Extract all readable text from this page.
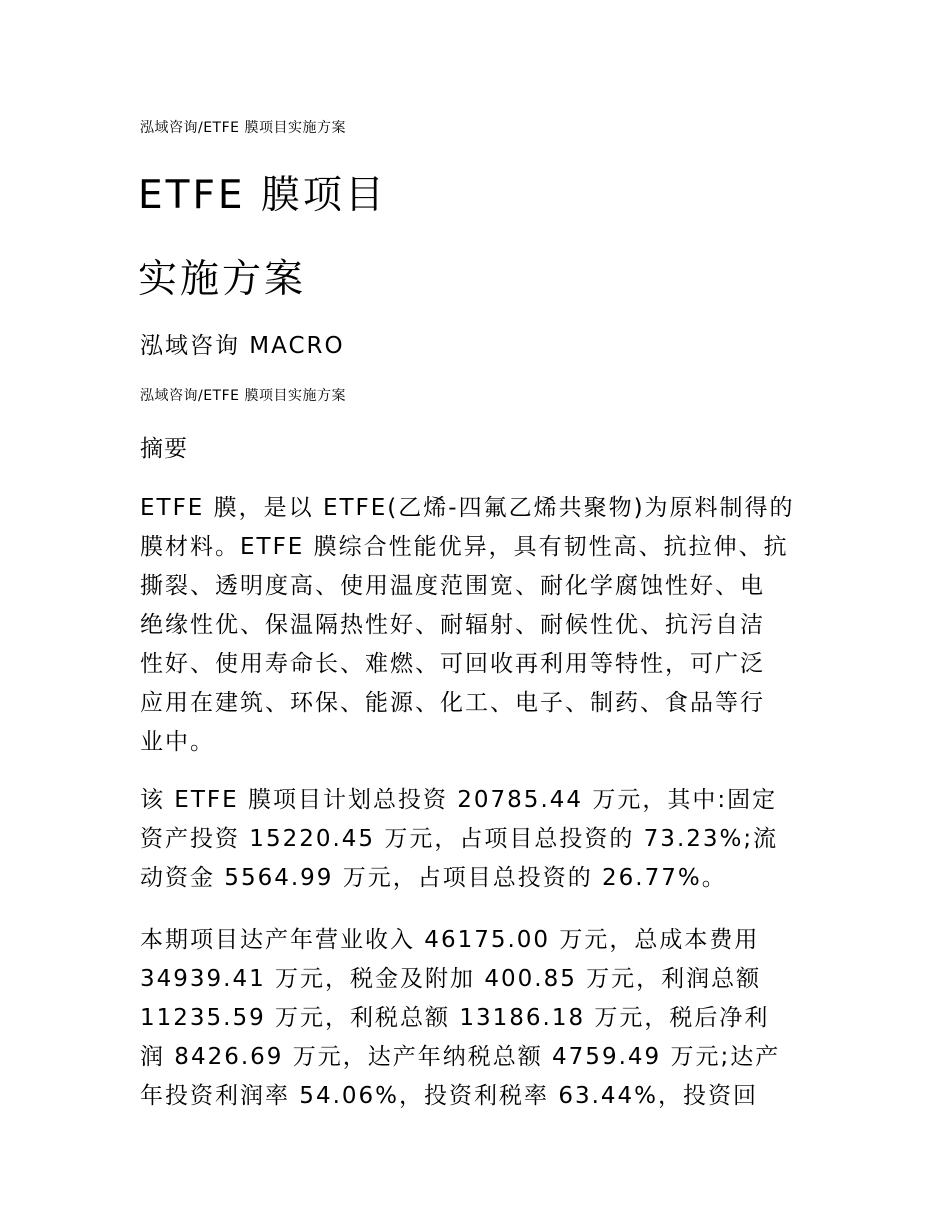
泓域咨询/ETFE 膜项目实施方案
ETFE 膜项目
实施方案
泓域咨询 MACRO
泓域咨询/ETFE 膜项目实施方案
摘要
ETFE 膜，是以 ETFE(乙烯-四氟乙烯共聚物)为原料制得的
膜材料。ETFE 膜综合性能优异，具有韧性高、抗拉伸、抗
撕裂、透明度高、使用温度范围宽、耐化学腐蚀性好、电
绝缘性优、保温隔热性好、耐辐射、耐候性优、抗污自洁
性好、使用寿命长、难燃、可回收再利用等特性，可广泛
应用在建筑、环保、能源、化工、电子、制药、食品等行
业中。
该 ETFE 膜项目计划总投资 20785.44 万元，其中:固定
资产投资 15220.45 万元，占项目总投资的 73.23%;流
动资金 5564.99 万元，占项目总投资的 26.77%。
本期项目达产年营业收入 46175.00 万元，总成本费用
34939.41 万元，税金及附加 400.85 万元，利润总额
11235.59 万元，利税总额 13186.18 万元，税后净利
润 8426.69 万元，达产年纳税总额 4759.49 万元;达产
年投资利润率 54.06%，投资利税率 63.44%，投资回
